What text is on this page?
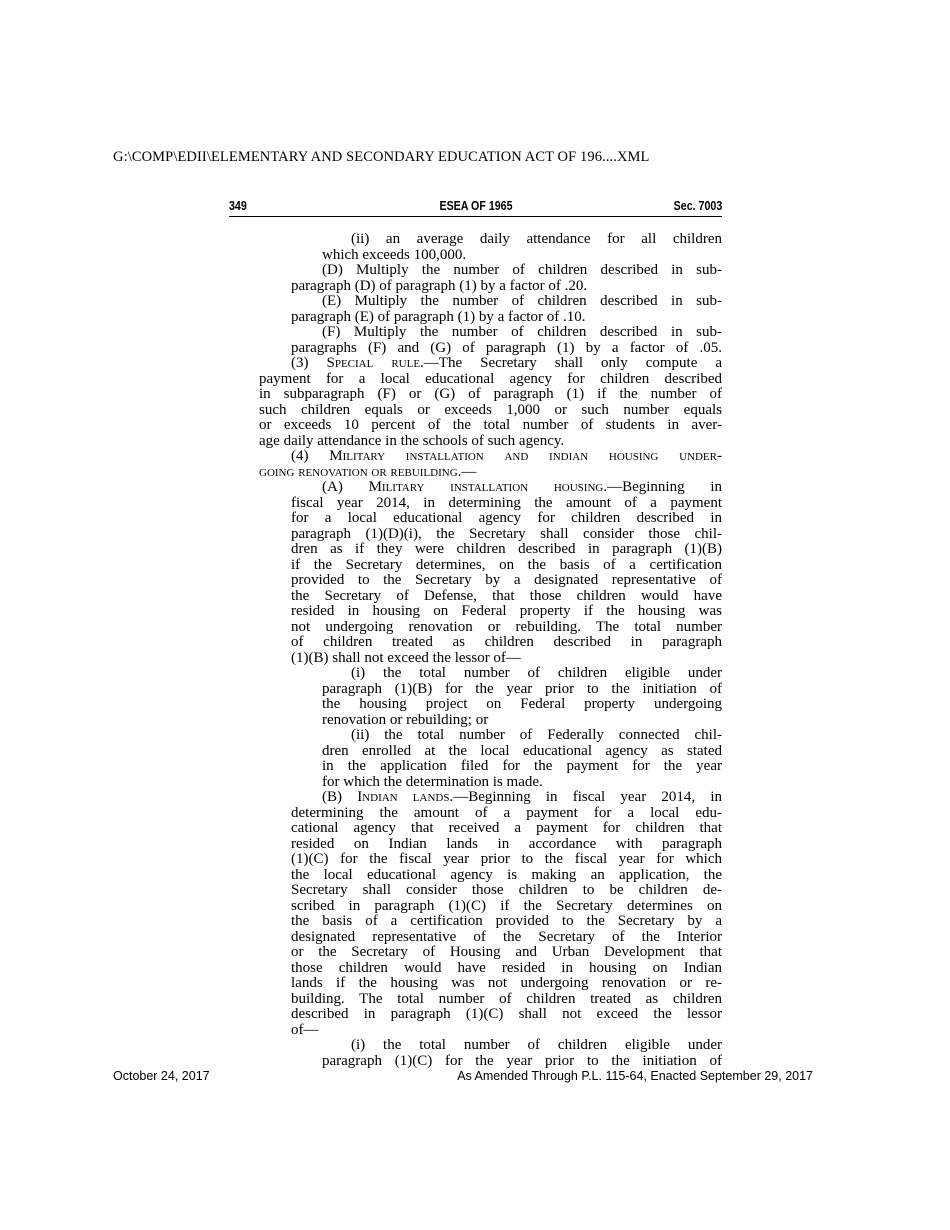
G:\COMP\EDII\ELEMENTARY AND SECONDARY EDUCATION ACT OF 196....XML
349	ESEA OF 1965	Sec. 7003
(ii) an average daily attendance for all children
which exceeds 100,000.
(D) Multiply the number of children described in sub-
paragraph (D) of paragraph (1) by a factor of .20.
(E) Multiply the number of children described in sub-
paragraph (E) of paragraph (1) by a factor of .10.
(F) Multiply the number of children described in sub-
paragraphs (F) and (G) of paragraph (1) by a factor of .05.
(3) Special rule.—The Secretary shall only compute a
payment for a local educational agency for children described
in subparagraph (F) or (G) of paragraph (1) if the number of
such children equals or exceeds 1,000 or such number equals
or exceeds 10 percent of the total number of students in aver-
age daily attendance in the schools of such agency.
(4) Military installation and indian housing under-
going renovation or rebuilding.—
(A) Military installation housing.—Beginning in
fiscal year 2014, in determining the amount of a payment
for a local educational agency for children described in
paragraph (1)(D)(i), the Secretary shall consider those chil-
dren as if they were children described in paragraph (1)(B)
if the Secretary determines, on the basis of a certification
provided to the Secretary by a designated representative of
the Secretary of Defense, that those children would have
resided in housing on Federal property if the housing was
not undergoing renovation or rebuilding. The total number
of children treated as children described in paragraph
(1)(B) shall not exceed the lessor of—
(i) the total number of children eligible under
paragraph (1)(B) for the year prior to the initiation of
the housing project on Federal property undergoing
renovation or rebuilding; or
(ii) the total number of Federally connected chil-
dren enrolled at the local educational agency as stated
in the application filed for the payment for the year
for which the determination is made.
(B) Indian lands.—Beginning in fiscal year 2014, in
determining the amount of a payment for a local edu-
cational agency that received a payment for children that
resided on Indian lands in accordance with paragraph
(1)(C) for the fiscal year prior to the fiscal year for which
the local educational agency is making an application, the
Secretary shall consider those children to be children de-
scribed in paragraph (1)(C) if the Secretary determines on
the basis of a certification provided to the Secretary by a
designated representative of the Secretary of the Interior
or the Secretary of Housing and Urban Development that
those children would have resided in housing on Indian
lands if the housing was not undergoing renovation or re-
building. The total number of children treated as children
described in paragraph (1)(C) shall not exceed the lessor
of—
(i) the total number of children eligible under
paragraph (1)(C) for the year prior to the initiation of
October 24, 2017	As Amended Through P.L. 115-64, Enacted September 29, 2017
